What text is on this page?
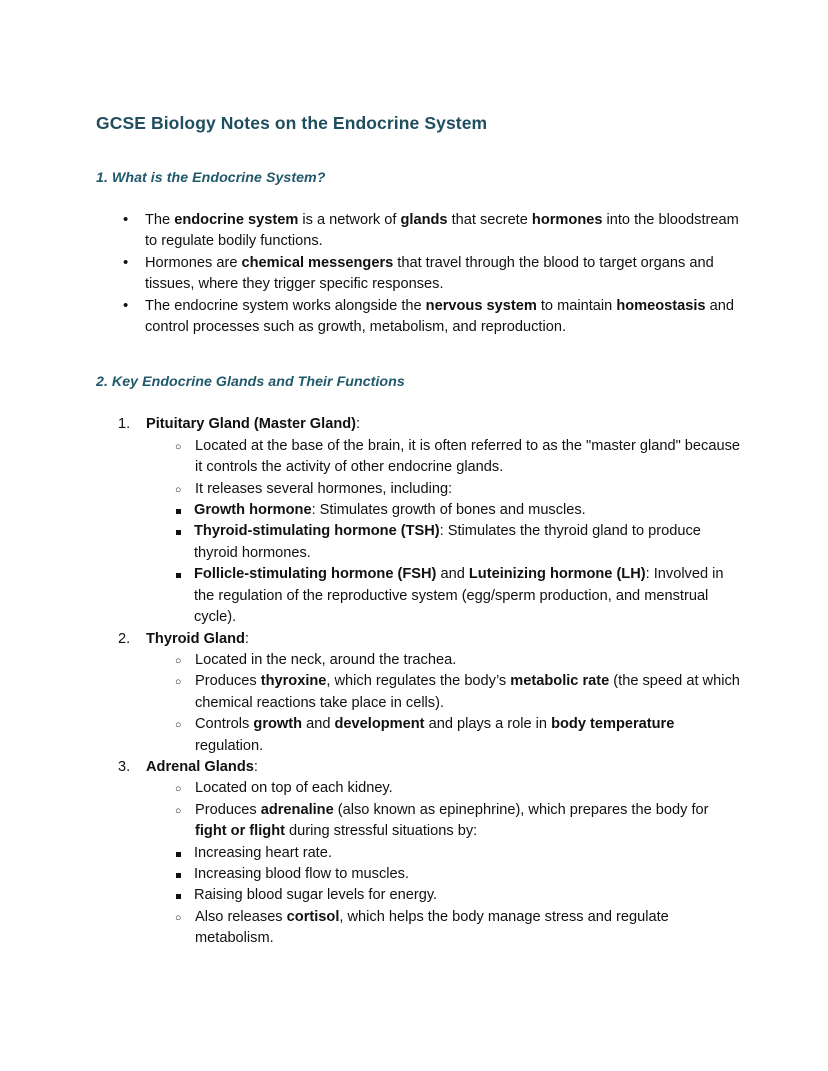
GCSE Biology Notes on the Endocrine System
1. What is the Endocrine System?
• The endocrine system is a network of glands that secrete hormones into the bloodstream to regulate bodily functions.
• Hormones are chemical messengers that travel through the blood to target organs and tissues, where they trigger specific responses.
• The endocrine system works alongside the nervous system to maintain homeostasis and control processes such as growth, metabolism, and reproduction.
2. Key Endocrine Glands and Their Functions
Pituitary Gland (Master Gland):
○ Located at the base of the brain, it is often referred to as the "master gland" because it controls the activity of other endocrine glands.
○ It releases several hormones, including:
Growth hormone: Stimulates growth of bones and muscles.
Thyroid-stimulating hormone (TSH): Stimulates the thyroid gland to produce thyroid hormones.
Follicle-stimulating hormone (FSH) and Luteinizing hormone (LH): Involved in the regulation of the reproductive system (egg/sperm production, and menstrual cycle).
Thyroid Gland:
○ Located in the neck, around the trachea.
○ Produces thyroxine, which regulates the body’s metabolic rate (the speed at which chemical reactions take place in cells).
○ Controls growth and development and plays a role in body temperature regulation.
Adrenal Glands:
○ Located on top of each kidney.
○ Produces adrenaline (also known as epinephrine), which prepares the body for fight or flight during stressful situations by:
Increasing heart rate.
Increasing blood flow to muscles.
Raising blood sugar levels for energy.
○ Also releases cortisol, which helps the body manage stress and regulate metabolism.
